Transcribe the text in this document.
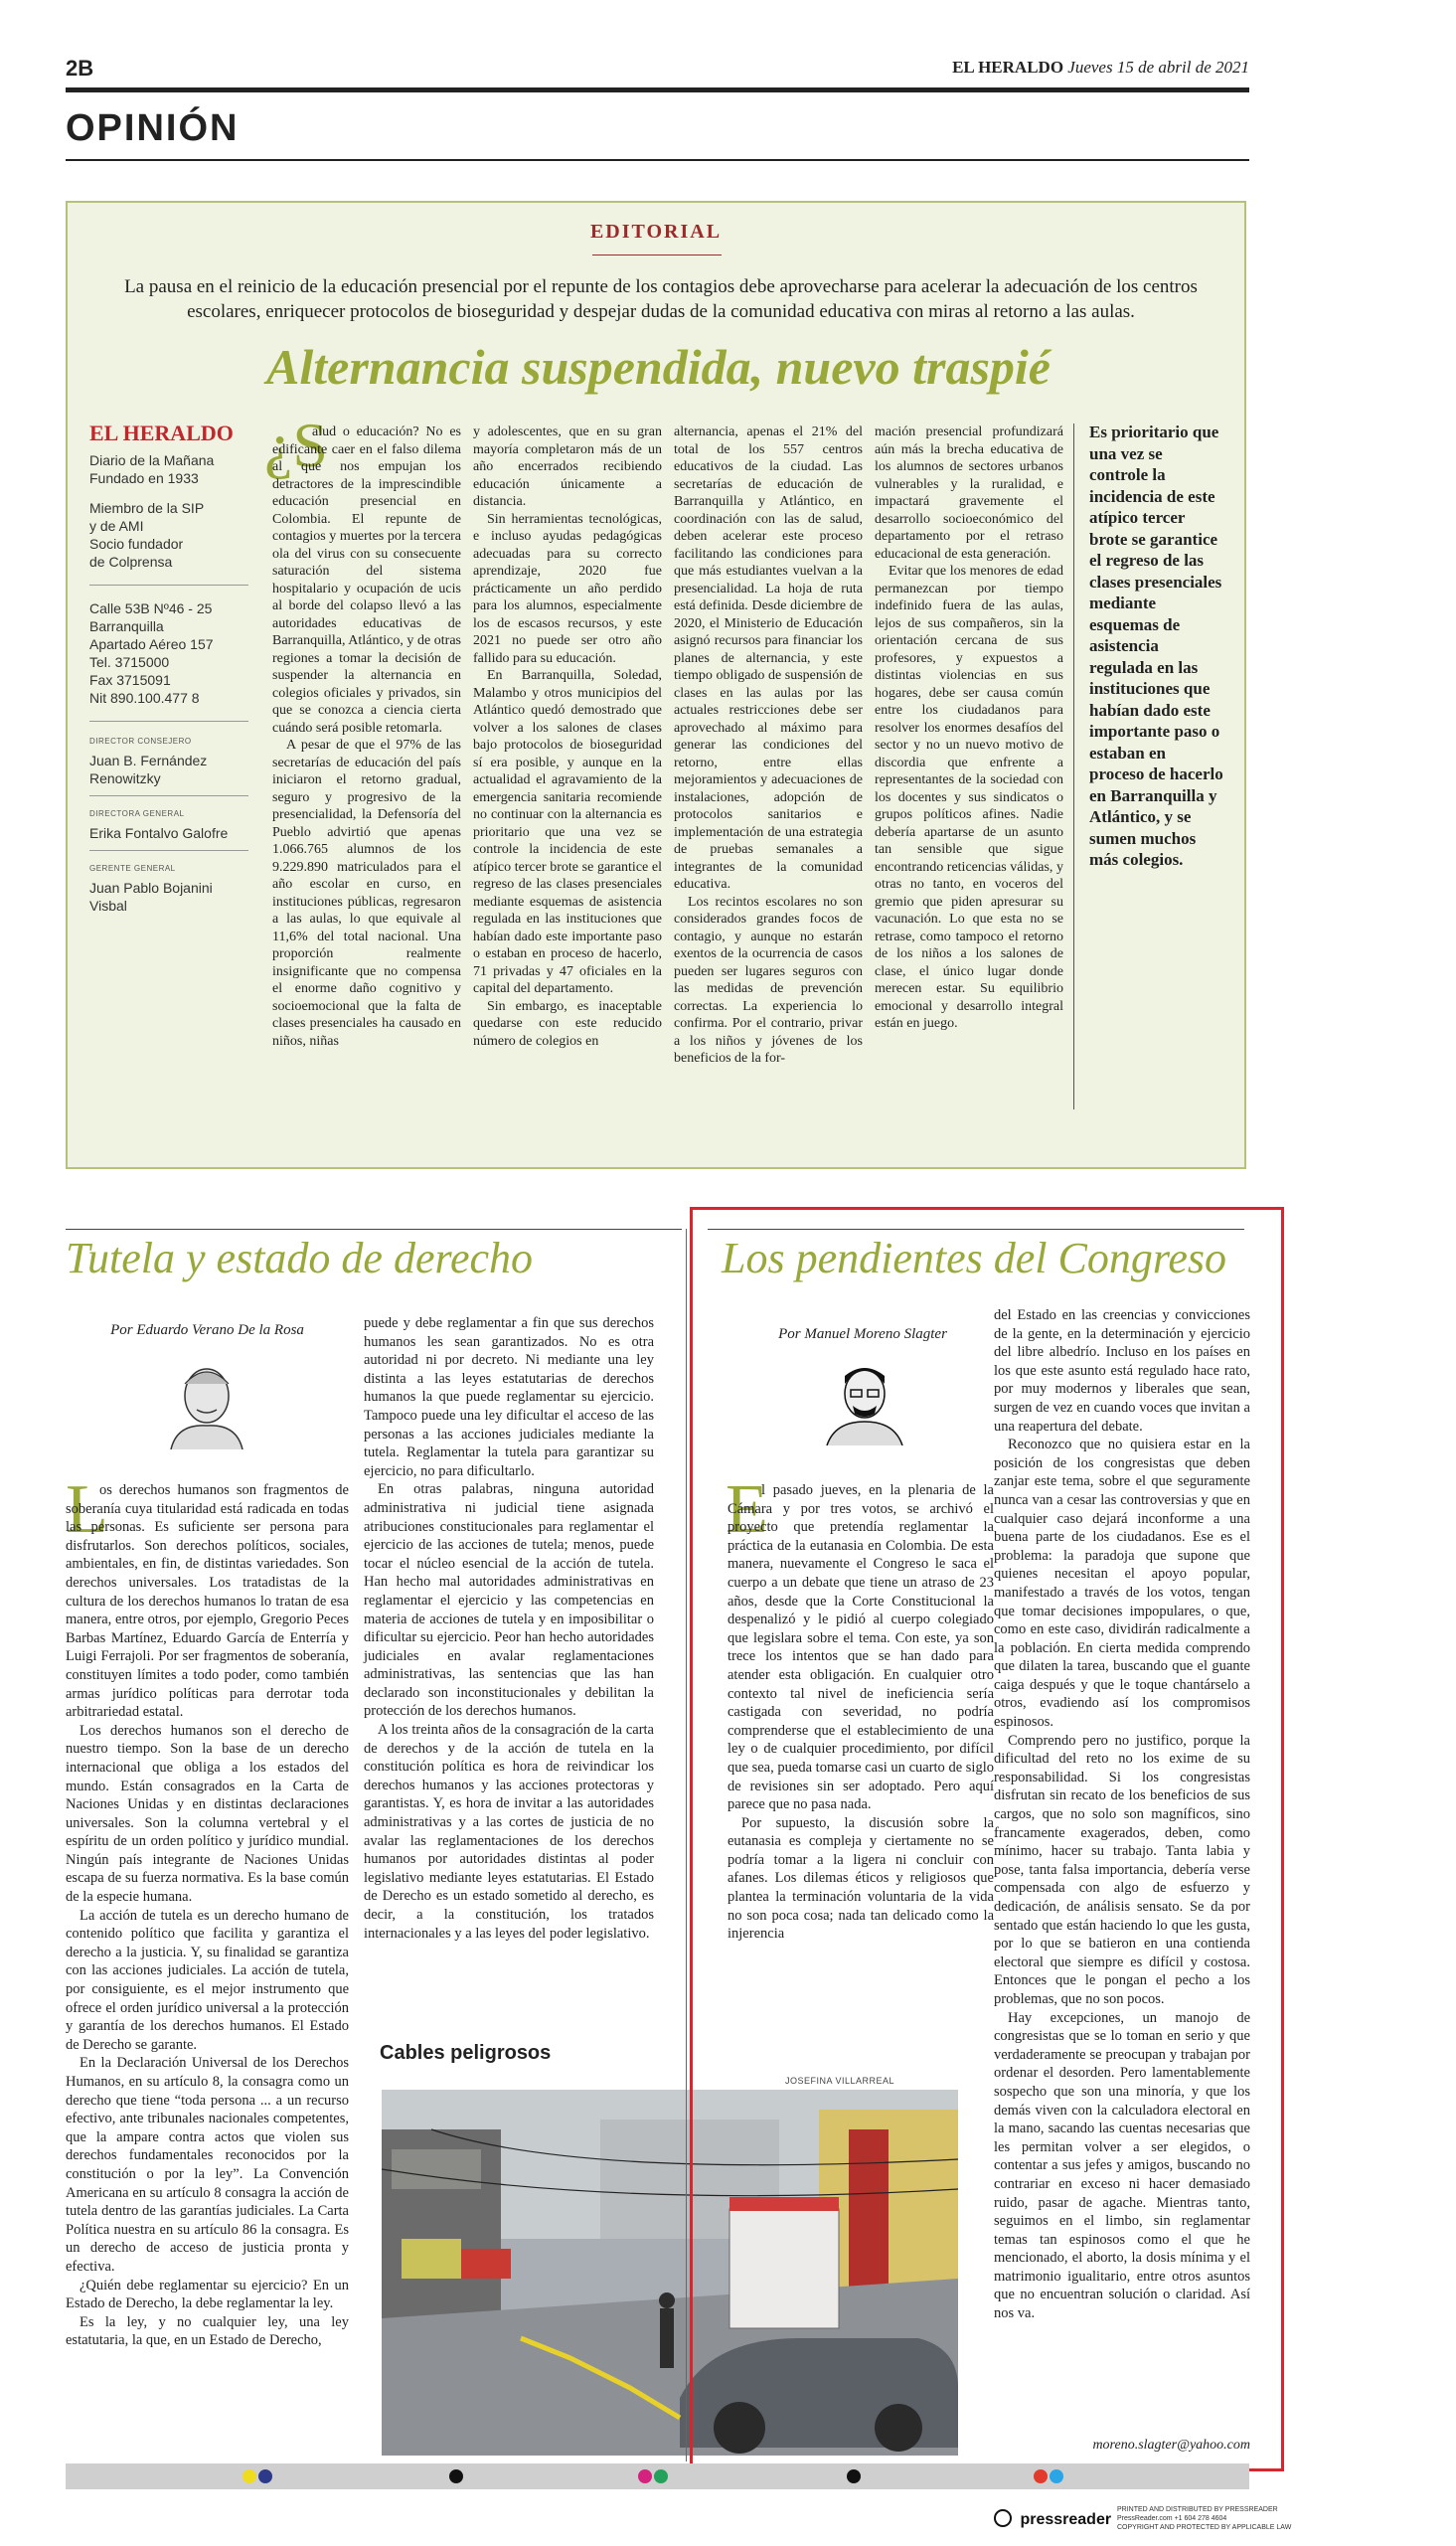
2B	EL HERALDO Jueves 15 de abril de 2021
OPINIÓN
EDITORIAL
La pausa en el reinicio de la educación presencial por el repunte de los contagios debe aprovecharse para acelerar la adecuación de los centros escolares, enriquecer protocolos de bioseguridad y despejar dudas de la comunidad educativa con miras al retorno a las aulas.
Alternancia suspendida, nuevo traspié
EL HERALDO
Diario de la Mañana
Fundado en 1933
Miembro de la SIP
y de AMI
Socio fundador
de Colprensa
Calle 53B Nº46 - 25
Barranquilla
Apartado Aéreo 157
Tel. 3715000
Fax 3715091
Nit 890.100.477 8
DIRECTOR CONSEJERO
Juan B. Fernández Renowitzky
DIRECTORA GENERAL
Erika Fontalvo Galofre
GERENTE GENERAL
Juan Pablo Bojanini Visbal
¿S

alud o educación? No es edificante caer en el falso dilema al que nos empujan los detractores de la imprescindible educación presencial en Colombia. El repunte de contagios y muertes por la tercera ola del virus con su consecuente saturación del sistema hospitalario y ocupación de ucis al borde del colapso llevó a las autoridades educativas de Barranquilla, Atlántico, y de otras regiones a tomar la decisión de suspender la alternancia en colegios oficiales y privados, sin que se conozca a ciencia cierta cuándo será posible retomarla.

A pesar de que el 97% de las secretarías de educación del país iniciaron el retorno gradual, seguro y progresivo de la presencialidad, la Defensoría del Pueblo advirtió que apenas 1.066.765 alumnos de los 9.229.890 matriculados para el año escolar en curso, en instituciones públicas, regresaron a las aulas, lo que equivale al 11,6% del total nacional. Una proporción realmente insignificante que no compensa el enorme daño cognitivo y socioemocional que la falta de clases presenciales ha causado en niños, niñas

y adolescentes, que en su gran mayoría completaron más de un año encerrados recibiendo educación únicamente a distancia.

Sin herramientas tecnológicas, e incluso ayudas pedagógicas adecuadas para su correcto aprendizaje, 2020 fue prácticamente un año perdido para los alumnos, especialmente los de escasos recursos, y este 2021 no puede ser otro año fallido para su educación.

En Barranquilla, Soledad, Malambo y otros municipios del Atlántico quedó demostrado que volver a los salones de clases bajo protocolos de bioseguridad sí era posible, y aunque en la actualidad el agravamiento de la emergencia sanitaria recomiende no continuar con la alternancia es prioritario que una vez se controle la incidencia de este atípico tercer brote se garantice el regreso de las clases presenciales mediante esquemas de asistencia regulada en las instituciones que habían dado este importante paso o estaban en proceso de hacerlo, 71 privadas y 47 oficiales en la capital del departamento.

Sin embargo, es inaceptable quedarse con este reducido número de colegios en

alternancia, apenas el 21% del total de los 557 centros educativos de la ciudad. Las secretarías de educación de Barranquilla y Atlántico, en coordinación con las de salud, deben acelerar este proceso facilitando las condiciones para que más estudiantes vuelvan a la presencialidad. La hoja de ruta está definida. Desde diciembre de 2020, el Ministerio de Educación asignó recursos para financiar los planes de alternancia, y este tiempo obligado de suspensión de clases en las aulas por las actuales restricciones debe ser aprovechado al máximo para generar las condiciones del retorno, entre ellas mejoramientos y adecuaciones de instalaciones, adopción de protocolos sanitarios e implementación de una estrategia de pruebas semanales a integrantes de la comunidad educativa.

Los recintos escolares no son considerados grandes focos de contagio, y aunque no estarán exentos de la ocurrencia de casos pueden ser lugares seguros con las medidas de prevención correctas. La experiencia lo confirma. Por el contrario, privar a los niños y jóvenes de los beneficios de la for-

mación presencial profundizará aún más la brecha educativa de los alumnos de sectores urbanos vulnerables y la ruralidad, e impactará gravemente el desarrollo socioeconómico del departamento por el retraso educacional de esta generación.

Evitar que los menores de edad permanezcan por tiempo indefinido fuera de las aulas, lejos de sus compañeros, sin la orientación cercana de sus profesores, y expuestos a distintas violencias en sus hogares, debe ser causa común entre los ciudadanos para resolver los enormes desafíos del sector y no un nuevo motivo de discordia que enfrente a representantes de la sociedad con los docentes y sus sindicatos o grupos políticos afines. Nadie debería apartarse de un asunto tan sensible que sigue encontrando reticencias válidas, y otras no tanto, en voceros del gremio que piden apresurar su vacunación. Lo que esta no se retrase, como tampoco el retorno de los niños a los salones de clase, el único lugar donde merecen estar. Su equilibrio emocional y desarrollo integral están en juego.

Es prioritario que una vez se controle la incidencia de este atípico tercer brote se garantice el regreso de las clases presenciales mediante esquemas de asistencia regulada en las instituciones que habían dado este importante paso o estaban en proceso de hacerlo en Barranquilla y Atlántico, y se sumen muchos más colegios.
Tutela y estado de derecho
Por Eduardo Verano De la Rosa
L

os derechos humanos son fragmentos de soberanía cuya titularidad está radicada en todas las personas. Es suficiente ser persona para disfrutarlos. Son derechos políticos, sociales, ambientales, en fin, de distintas variedades. Son derechos universales. Los tratadistas de la cultura de los derechos humanos lo tratan de esa manera, entre otros, por ejemplo, Gregorio Peces Barbas Martínez, Eduardo García de Enterría y Luigi Ferrajoli. Por ser fragmentos de soberanía, constituyen límites a todo poder, como también armas jurídico políticas para derrotar toda arbitrariedad estatal.

Los derechos humanos son el derecho de nuestro tiempo. Son la base de un derecho internacional que obliga a los estados del mundo. Están consagrados en la Carta de Naciones Unidas y en distintas declaraciones universales. Son la columna vertebral y el espíritu de un orden político y jurídico mundial. Ningún país integrante de Naciones Unidas escapa de su fuerza normativa. Es la base común de la especie humana.

La acción de tutela es un derecho humano de contenido político que facilita y garantiza el derecho a la justicia. Y, su finalidad se garantiza con las acciones judiciales. La acción de tutela, por consiguiente, es el mejor instrumento que ofrece el orden jurídico universal a la protección y garantía de los derechos humanos. El Estado de Derecho se garante.

En la Declaración Universal de los Derechos Humanos, en su artículo 8, la consagra como un derecho que tiene “toda persona ... a un recurso efectivo, ante tribunales nacionales competentes, que la ampare contra actos que violen sus derechos fundamentales reconocidos por la constitución o por la ley”. La Convención Americana en su artículo 8 consagra la acción de tutela dentro de las garantías judiciales. La Carta Política nuestra en su artículo 86 la consagra. Es un derecho de acceso de justicia pronta y efectiva.

¿Quién debe reglamentar su ejercicio? En un Estado de Derecho, la debe reglamentar la ley.

Es la ley, y no cualquier ley, una ley estatutaria, la que, en un Estado de Derecho,

puede y debe reglamentar a fin que sus derechos humanos les sean garantizados. No es otra autoridad ni por decreto. Ni mediante una ley distinta a las leyes estatutarias de derechos humanos la que puede reglamentar su ejercicio. Tampoco puede una ley dificultar el acceso de las personas a las acciones judiciales mediante la tutela. Reglamentar la tutela para garantizar su ejercicio, no para dificultarlo.

En otras palabras, ninguna autoridad administrativa ni judicial tiene asignada atribuciones constitucionales para reglamentar el ejercicio de las acciones de tutela; menos, puede tocar el núcleo esencial de la acción de tutela. Han hecho mal autoridades administrativas en reglamentar el ejercicio y las competencias en materia de acciones de tutela y en imposibilitar o dificultar su ejercicio. Peor han hecho autoridades judiciales en avalar reglamentaciones administrativas, las sentencias que las han declarado son inconstitucionales y debilitan la protección de los derechos humanos.

A los treinta años de la consagración de la carta de derechos y de la acción de tutela en la constitución política es hora de reivindicar los derechos humanos y las acciones protectoras y garantistas. Y, es hora de invitar a las autoridades administrativas y a las cortes de justicia de no avalar las reglamentaciones de los derechos humanos por autoridades distintas al poder legislativo mediante leyes estatutarias. El Estado de Derecho es un estado sometido al derecho, es decir, a la constitución, los tratados internacionales y a las leyes del poder legislativo.

Cables peligrosos
JOSEFINA VILLARREAL
Los pendientes del Congreso
Por Manuel Moreno Slagter
E

l pasado jueves, en la plenaria de la Cámara y por tres votos, se archivó el proyecto que pretendía reglamentar la práctica de la eutanasia en Colombia. De esta manera, nuevamente el Congreso le saca el cuerpo a un debate que tiene un atraso de 23 años, desde que la Corte Constitucional la despenalizó y le pidió al cuerpo colegiado que legislara sobre el tema. Con este, ya son trece los intentos que se han dado para atender esta obligación. En cualquier otro contexto tal nivel de ineficiencia sería castigada con severidad, no podría comprenderse que el establecimiento de una ley o de cualquier procedimiento, por difícil que sea, pueda tomarse casi un cuarto de siglo de revisiones sin ser adoptado. Pero aquí parece que no pasa nada.

Por supuesto, la discusión sobre la eutanasia es compleja y ciertamente no se podría tomar a la ligera ni concluir con afanes. Los dilemas éticos y religiosos que plantea la terminación voluntaria de la vida no son poca cosa; nada tan delicado como la injerencia

del Estado en las creencias y convicciones de la gente, en la determinación y ejercicio del libre albedrío. Incluso en los países en los que este asunto está regulado hace rato, por muy modernos y liberales que sean, surgen de vez en cuando voces que invitan a una reapertura del debate.

Reconozco que no quisiera estar en la posición de los congresistas que deben zanjar este tema, sobre el que seguramente nunca van a cesar las controversias y que en cualquier caso dejará inconforme a una buena parte de los ciudadanos. Ese es el problema: la paradoja que supone que quienes necesitan el apoyo popular, manifestado a través de los votos, tengan que tomar decisiones impopulares, o que, como en este caso, dividirán radicalmente a la población. En cierta medida comprendo que dilaten la tarea, buscando que el guante caiga después y que le toque chantárselo a otros, evadiendo así los compromisos espinosos.

Comprendo pero no justifico, porque la dificultad del reto no los exime de su responsabilidad. Si los congresistas disfrutan sin recato de los beneficios de sus cargos, que no solo son magníficos, sino francamente exagerados, deben, como mínimo, hacer su trabajo. Tanta labia y pose, tanta falsa importancia, debería verse compensada con algo de esfuerzo y dedicación, de análisis sensato. Se da por sentado que están haciendo lo que les gusta, por lo que se batieron en una contienda electoral que siempre es difícil y costosa. Entonces que le pongan el pecho a los problemas, que no son pocos.

Hay excepciones, un manojo de congresistas que se lo toman en serio y que verdaderamente se preocupan y trabajan por ordenar el desorden. Pero lamentablemente sospecho que son una minoría, y que los demás viven con la calculadora electoral en la mano, sacando las cuentas necesarias que les permitan volver a ser elegidos, o contentar a sus jefes y amigos, buscando no contrariar en exceso ni hacer demasiado ruido, pasar de agache. Mientras tanto, seguimos en el limbo, sin reglamentar temas tan espinosos como el que he mencionado, el aborto, la dosis mínima y el matrimonio igualitario, entre otros asuntos que no encuentran solución o claridad. Así nos va.

moreno.slagter@yahoo.com
pressreader
PRINTED AND DISTRIBUTED BY PRESSREADER
PressReader.com +1 604 278 4604
COPYRIGHT AND PROTECTED BY APPLICABLE LAW
